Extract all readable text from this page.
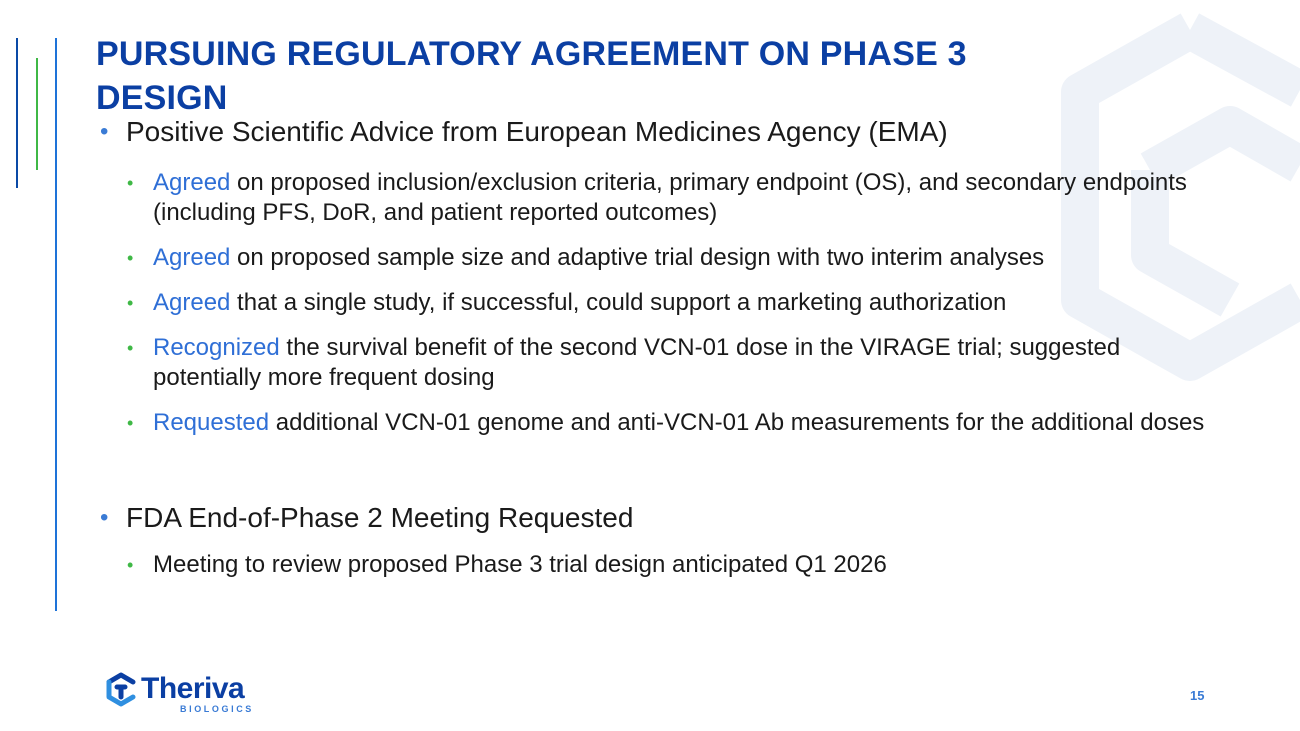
PURSUING REGULATORY AGREEMENT ON PHASE 3 DESIGN
• Positive Scientific Advice from European Medicines Agency (EMA)
• Agreed on proposed inclusion/exclusion criteria, primary endpoint (OS), and secondary endpoints (including PFS, DoR, and patient reported outcomes)
• Agreed on proposed sample size and adaptive trial design with two interim analyses
• Agreed that a single study, if successful, could support a marketing authorization
• Recognized the survival benefit of the second VCN-01 dose in the VIRAGE trial; suggested potentially more frequent dosing
• Requested additional VCN-01 genome and anti-VCN-01 Ab measurements for the additional doses
• FDA End-of-Phase 2 Meeting Requested
• Meeting to review proposed Phase 3 trial design anticipated Q1 2026
Theriva
BIOLOGICS
15
